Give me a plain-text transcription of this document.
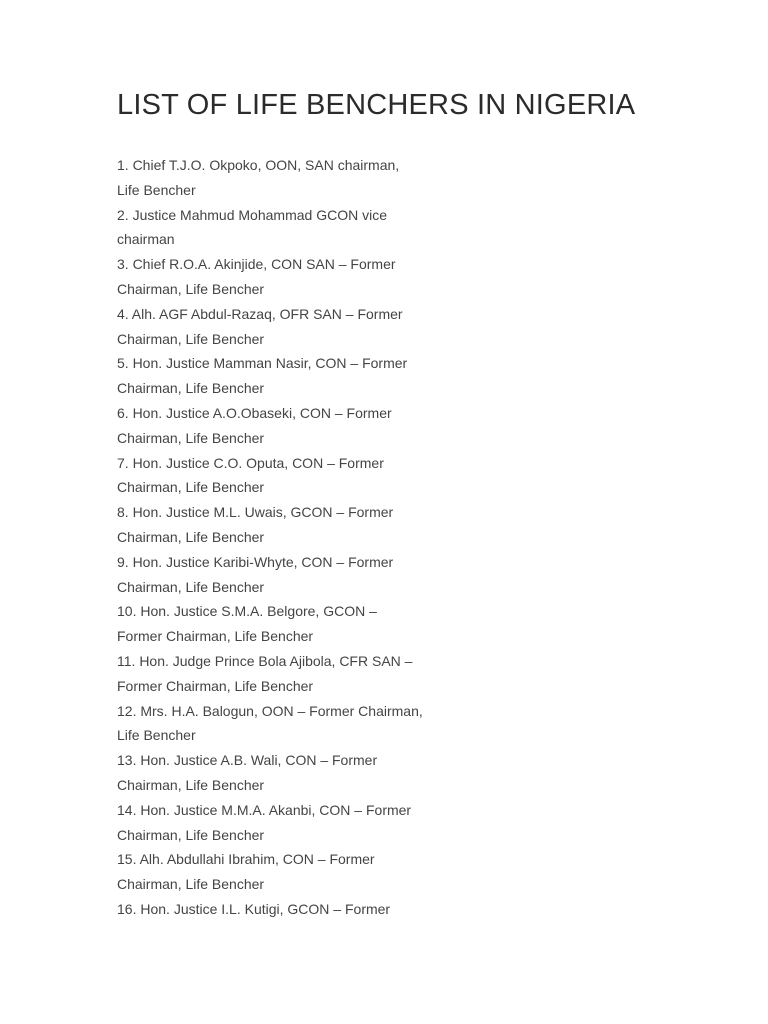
LIST OF LIFE BENCHERS IN NIGERIA
1. Chief T.J.O. Okpoko, OON, SAN chairman,
Life Bencher
2. Justice Mahmud Mohammad GCON vice
chairman
3. Chief R.O.A. Akinjide, CON SAN – Former
Chairman, Life Bencher
4. Alh. AGF Abdul-Razaq, OFR SAN – Former
Chairman, Life Bencher
5. Hon. Justice Mamman Nasir, CON – Former
Chairman, Life Bencher
6. Hon. Justice A.O.Obaseki, CON – Former
Chairman, Life Bencher
7. Hon. Justice C.O. Oputa, CON – Former
Chairman, Life Bencher
8. Hon. Justice M.L. Uwais, GCON – Former
Chairman, Life Bencher
9. Hon. Justice Karibi-Whyte, CON – Former
Chairman, Life Bencher
10. Hon. Justice S.M.A. Belgore, GCON –
Former Chairman, Life Bencher
11. Hon. Judge Prince Bola Ajibola, CFR SAN –
Former Chairman, Life Bencher
12. Mrs. H.A. Balogun, OON – Former Chairman,
Life Bencher
13. Hon. Justice A.B. Wali, CON – Former
Chairman, Life Bencher
14. Hon. Justice M.M.A. Akanbi, CON – Former
Chairman, Life Bencher
15. Alh. Abdullahi Ibrahim, CON – Former
Chairman, Life Bencher
16. Hon. Justice I.L. Kutigi, GCON – Former
